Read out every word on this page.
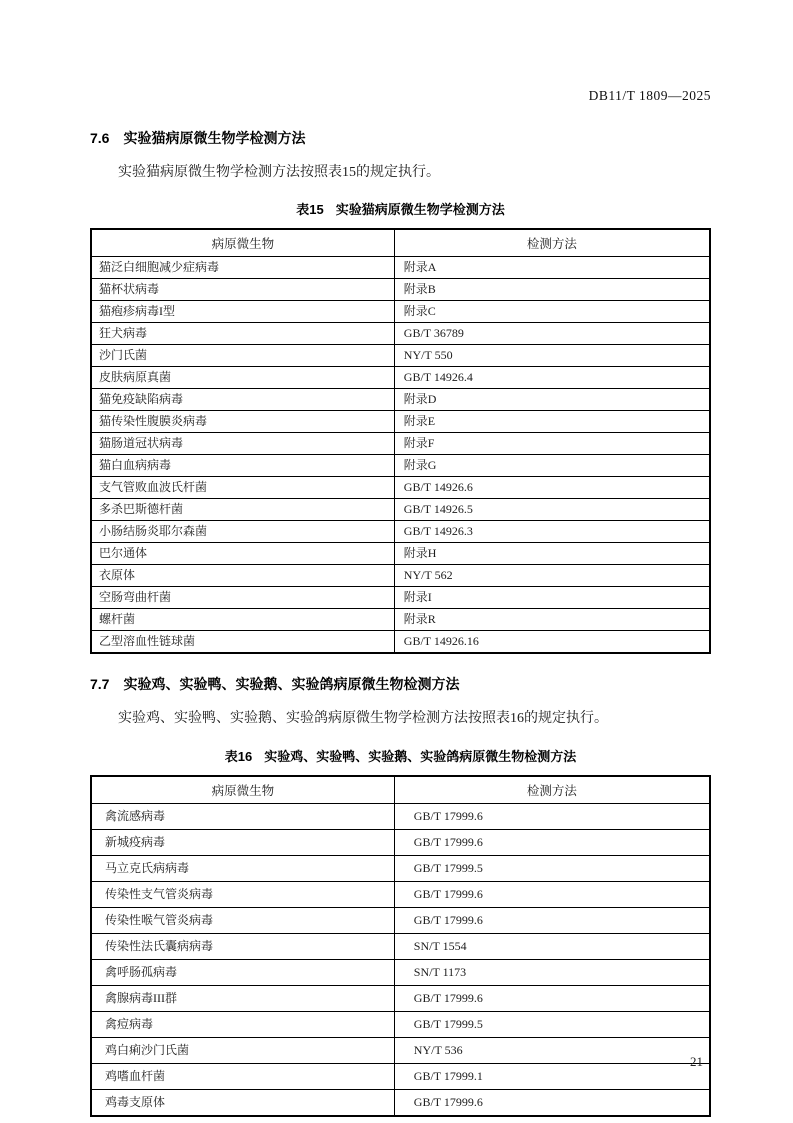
DB11/T 1809—2025
7.6 实验猫病原微生物学检测方法

实验猫病原微生物学检测方法按照表15的规定执行。

表15 实验猫病原微生物学检测方法
病原微生物	检测方法
猫泛白细胞减少症病毒	附录A
猫杯状病毒	附录B
猫疱疹病毒I型	附录C
狂犬病毒	GB/T 36789
沙门氏菌	NY/T 550
皮肤病原真菌	GB/T 14926.4
猫免疫缺陷病毒	附录D
猫传染性腹膜炎病毒	附录E
猫肠道冠状病毒	附录F
猫白血病病毒	附录G
支气管败血波氏杆菌	GB/T 14926.6
多杀巴斯德杆菌	GB/T 14926.5
小肠结肠炎耶尔森菌	GB/T 14926.3
巴尔通体	附录H
衣原体	NY/T 562
空肠弯曲杆菌	附录I
螺杆菌	附录R
乙型溶血性链球菌	GB/T 14926.16
7.7 实验鸡、实验鸭、实验鹅、实验鸽病原微生物检测方法

实验鸡、实验鸭、实验鹅、实验鸽病原微生物学检测方法按照表16的规定执行。

表16 实验鸡、实验鸭、实验鹅、实验鸽病原微生物检测方法
病原微生物	检测方法
禽流感病毒	GB/T 17999.6
新城疫病毒	GB/T 17999.6
马立克氏病病毒	GB/T 17999.5
传染性支气管炎病毒	GB/T 17999.6
传染性喉气管炎病毒	GB/T 17999.6
传染性法氏囊病病毒	SN/T 1554
禽呼肠孤病毒	SN/T 1173
禽腺病毒III群	GB/T 17999.6
禽痘病毒	GB/T 17999.5
鸡白痢沙门氏菌	NY/T 536
鸡嗜血杆菌	GB/T 17999.1
鸡毒支原体	GB/T 17999.6
21
